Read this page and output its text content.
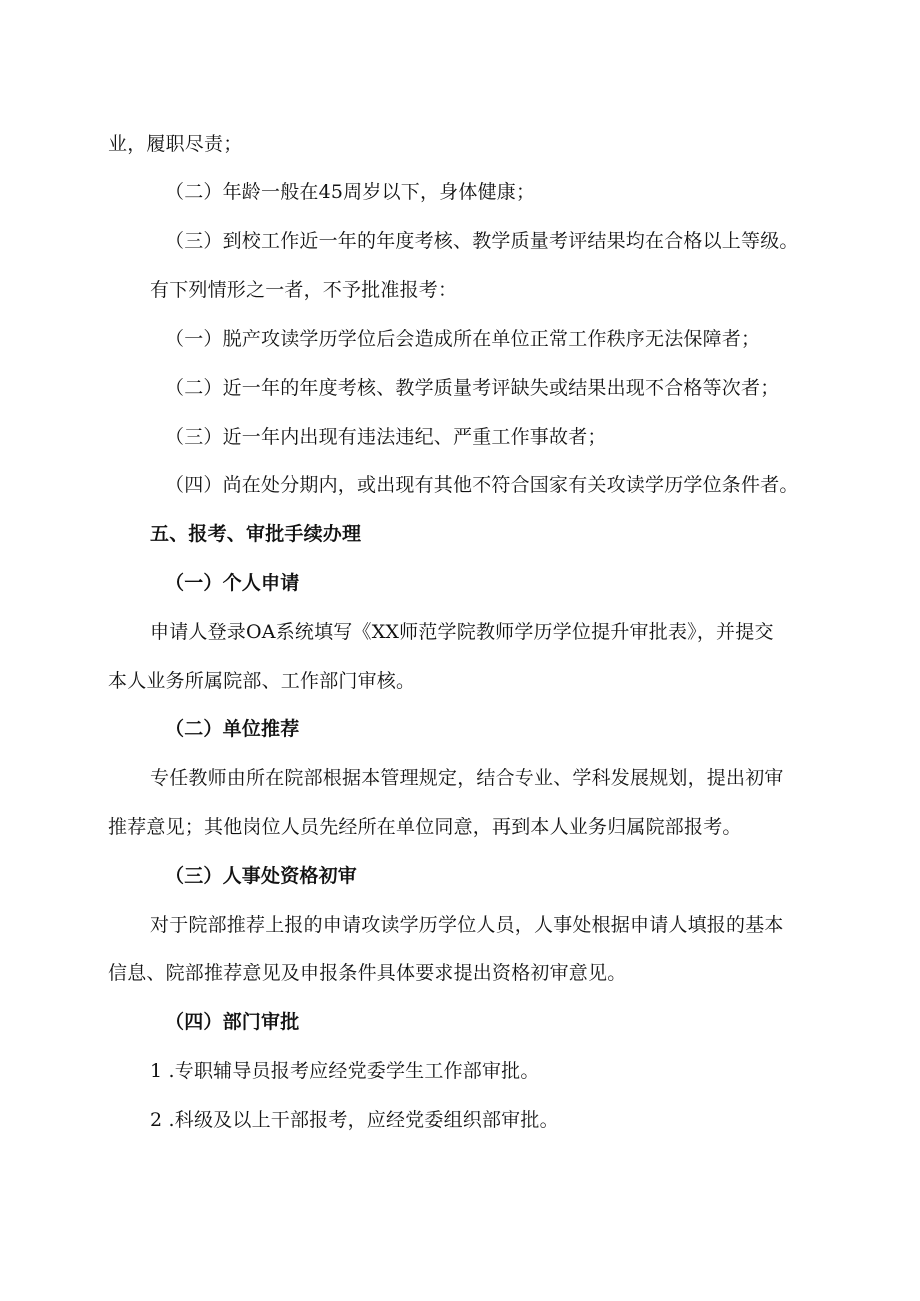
业，履职尽责；
（二）年龄一般在45周岁以下，身体健康；
（三）到校工作近一年的年度考核、教学质量考评结果均在合格以上等级。
有下列情形之一者，不予批准报考：
（一）脱产攻读学历学位后会造成所在单位正常工作秩序无法保障者；
（二）近一年的年度考核、教学质量考评缺失或结果出现不合格等次者；
（三）近一年内出现有违法违纪、严重工作事故者；
（四）尚在处分期内，或出现有其他不符合国家有关攻读学历学位条件者。
五、报考、审批手续办理
（一）个人申请
申请人登录OA系统填写《XX师范学院教师学历学位提升审批表》，并提交
本人业务所属院部、工作部门审核。
（二）单位推荐
专任教师由所在院部根据本管理规定，结合专业、学科发展规划，提出初审
推荐意见；其他岗位人员先经所在单位同意，再到本人业务归属院部报考。
（三）人事处资格初审
对于院部推荐上报的申请攻读学历学位人员，人事处根据申请人填报的基本
信息、院部推荐意见及申报条件具体要求提出资格初审意见。
（四）部门审批
1 .专职辅导员报考应经党委学生工作部审批。
2 .科级及以上干部报考，应经党委组织部审批。
